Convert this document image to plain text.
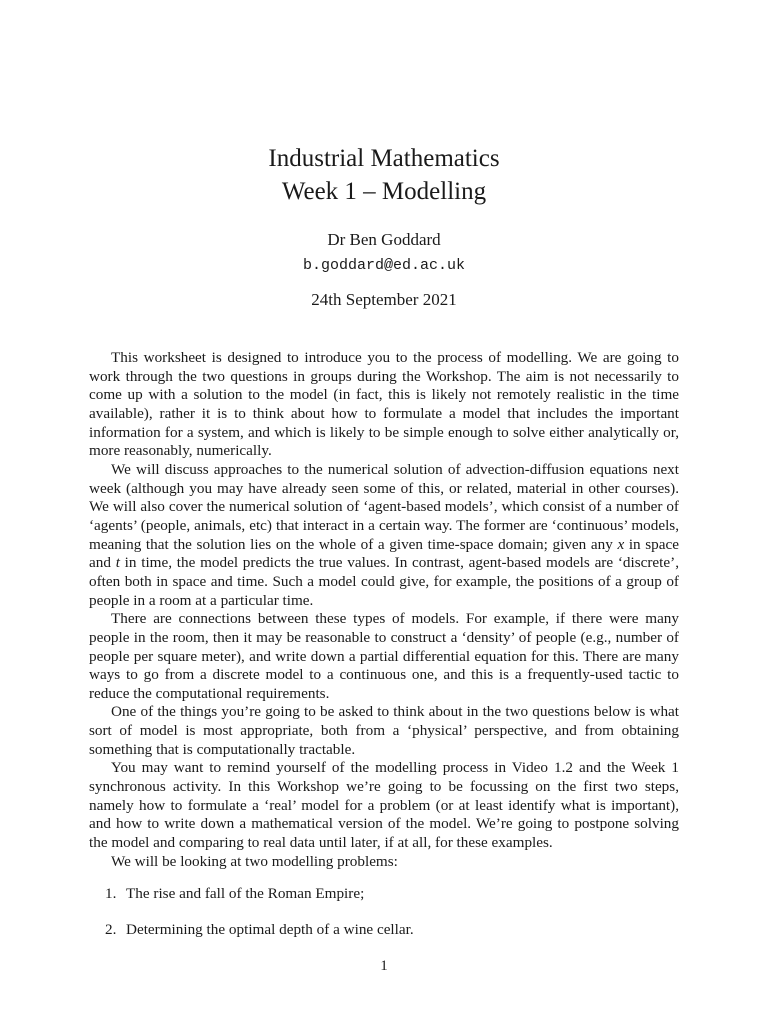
Industrial Mathematics
Week 1 – Modelling
Dr Ben Goddard
b.goddard@ed.ac.uk
24th September 2021

This worksheet is designed to introduce you to the process of modelling. We are going to work through the two questions in groups during the Workshop. The aim is not necessarily to come up with a solution to the model (in fact, this is likely not remotely realistic in the time available), rather it is to think about how to formulate a model that includes the important information for a system, and which is likely to be simple enough to solve either analytically or, more reasonably, numerically.

We will discuss approaches to the numerical solution of advection-diffusion equations next week (although you may have already seen some of this, or related, material in other courses). We will also cover the numerical solution of ‘agent-based models’, which consist of a number of ‘agents’ (people, animals, etc) that interact in a certain way. The former are ‘continuous’ models, meaning that the solution lies on the whole of a given time-space domain; given any x in space and t in time, the model predicts the true values. In contrast, agent-based models are ‘discrete’, often both in space and time. Such a model could give, for example, the positions of a group of people in a room at a particular time.

There are connections between these types of models. For example, if there were many people in the room, then it may be reasonable to construct a ‘density’ of people (e.g., number of people per square meter), and write down a partial differential equation for this. There are many ways to go from a discrete model to a continuous one, and this is a frequently-used tactic to reduce the computational requirements.

One of the things you’re going to be asked to think about in the two questions below is what sort of model is most appropriate, both from a ‘physical’ perspective, and from obtaining something that is computationally tractable.

You may want to remind yourself of the modelling process in Video 1.2 and the Week 1 synchronous activity. In this Workshop we’re going to be focussing on the first two steps, namely how to formulate a ‘real’ model for a problem (or at least identify what is important), and how to write down a mathematical version of the model. We’re going to postpone solving the model and comparing to real data until later, if at all, for these examples.

We will be looking at two modelling problems:

1. The rise and fall of the Roman Empire;
2. Determining the optimal depth of a wine cellar.
1
